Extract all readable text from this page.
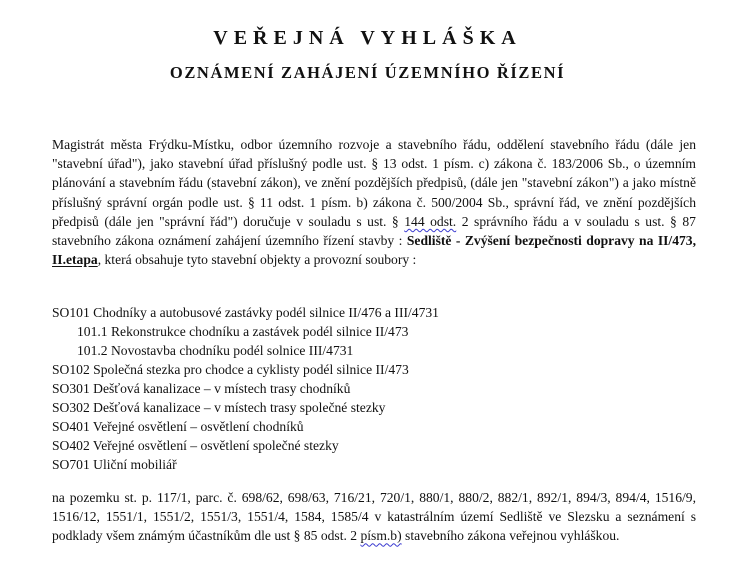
VEŘEJNÁ VYHLÁŠKA
OZNÁMENÍ ZAHÁJENÍ ÚZEMNÍHO ŘÍZENÍ

Magistrát města Frýdku-Místku, odbor územního rozvoje a stavebního řádu, oddělení stavebního řádu (dále jen "stavební úřad"), jako stavební úřad příslušný podle ust. § 13 odst. 1 písm. c) zákona č. 183/2006 Sb., o územním plánování a stavebním řádu (stavební zákon), ve znění pozdějších předpisů, (dále jen "stavební zákon") a jako místně příslušný správní orgán podle ust. § 11 odst. 1 písm. b) zákona č. 500/2004 Sb., správní řád, ve znění pozdějších předpisů (dále jen "správní řád") doručuje v souladu s ust. § 144 odst. 2 správního řádu a v souladu s ust. § 87 stavebního zákona oznámení zahájení územního řízení stavby : Sedliště - Zvýšení bezpečnosti dopravy na II/473, II.etapa, která obsahuje tyto stavební objekty a provozní soubory :

SO101 Chodníky a autobusové zastávky podél silnice II/476 a III/4731
101.1 Rekonstrukce chodníku a zastávek podél silnice II/473
101.2 Novostavba chodníku podél solnice III/4731
SO102 Společná stezka pro chodce a cyklisty podél silnice II/473
SO301 Dešťová kanalizace – v místech trasy chodníků
SO302 Dešťová kanalizace – v místech trasy společné stezky
SO401 Veřejné osvětlení – osvětlení chodníků
SO402 Veřejné osvětlení – osvětlení společné stezky
SO701 Uliční mobiliář

na pozemku st. p. 117/1, parc. č. 698/62, 698/63, 716/21, 720/1, 880/1, 880/2, 882/1, 892/1, 894/3, 894/4, 1516/9, 1516/12, 1551/1, 1551/2, 1551/3, 1551/4, 1584, 1585/4 v katastrálním území Sedliště ve Slezsku a seznámení s podklady všem známým účastníkům dle ust § 85 odst. 2 písm.b) stavebního zákona veřejnou vyhláškou.
